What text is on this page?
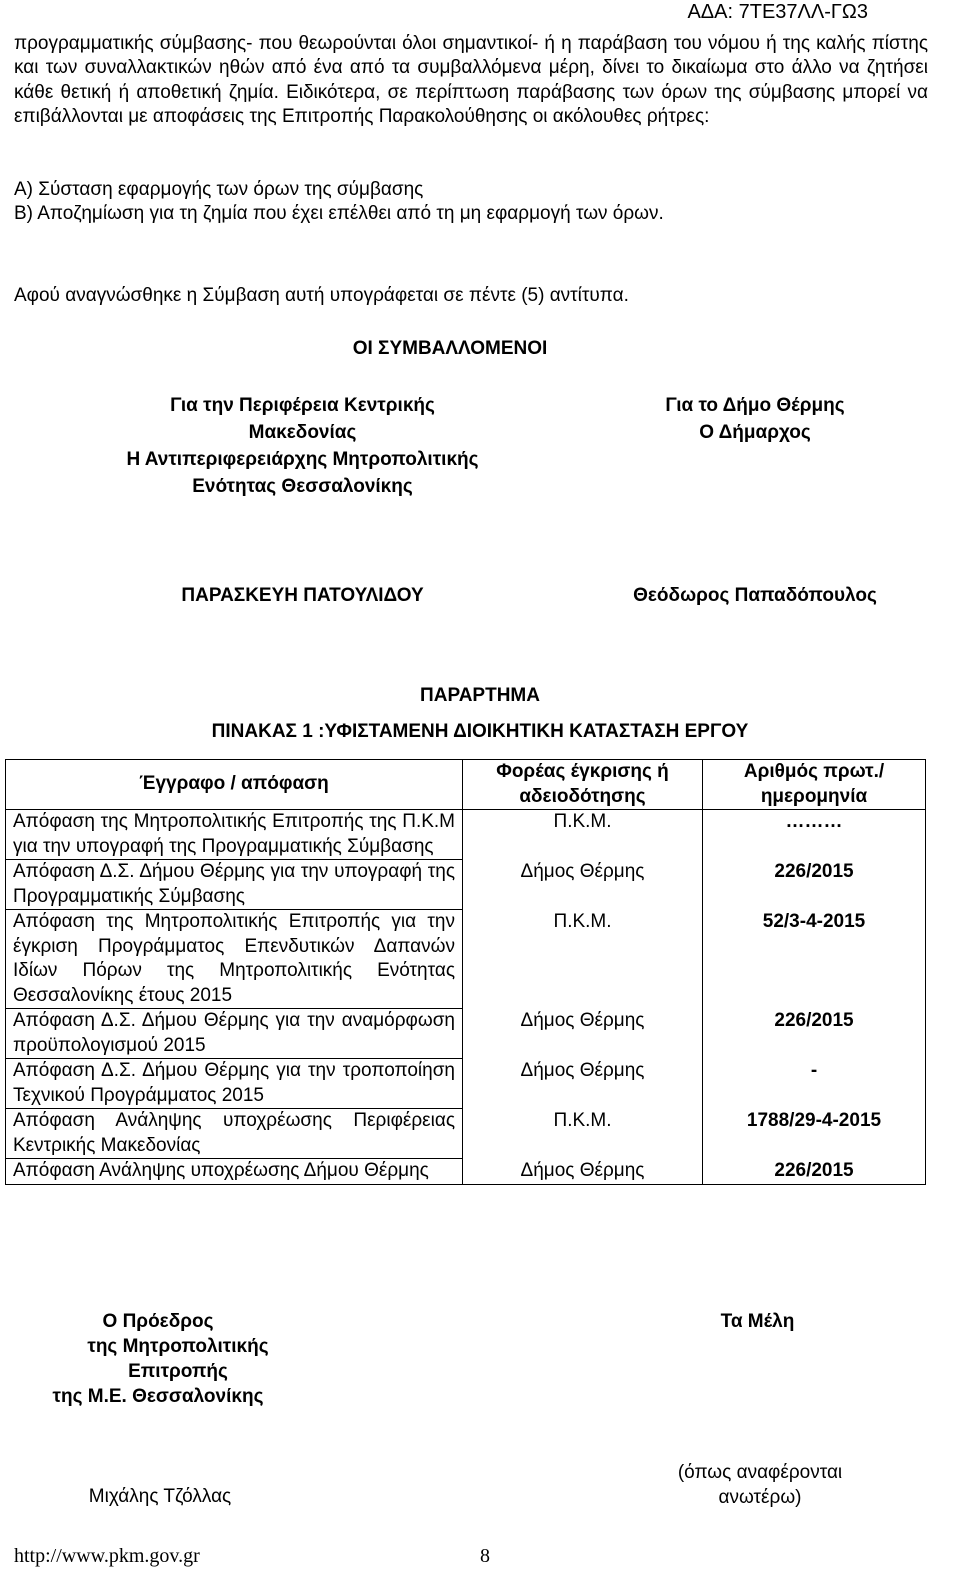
ΑΔΑ: 7ΤΕ37ΛΛ-ΓΩ3
προγραμματικής σύμβασης- που θεωρούνται όλοι σημαντικοί- ή η παράβαση του νόμου ή της καλής πίστης και των συναλλακτικών ηθών από ένα από τα συμβαλλόμενα μέρη, δίνει το δικαίωμα στο άλλο να ζητήσει κάθε θετική ή αποθετική ζημία. Ειδικότερα, σε περίπτωση παράβασης των όρων της σύμβασης μπορεί να επιβάλλονται με αποφάσεις της Επιτροπής Παρακολούθησης οι ακόλουθες ρήτρες:
Α) Σύσταση εφαρμογής των όρων της σύμβασης
Β) Αποζημίωση για τη ζημία που έχει επέλθει από τη μη εφαρμογή των όρων.
Αφού αναγνώσθηκε η Σύμβαση αυτή υπογράφεται σε πέντε (5) αντίτυπα.
ΟΙ ΣΥΜΒΑΛΛΟΜΕΝΟΙ
Για την Περιφέρεια Κεντρικής
Μακεδονίας
Η Αντιπεριφερειάρχης Μητροπολιτικής
Ενότητας Θεσσαλονίκης
Για το Δήμο Θέρμης
Ο Δήμαρχος
ΠΑΡΑΣΚΕΥΗ ΠΑΤΟΥΛΙΔΟΥ	Θεόδωρος Παπαδόπουλος
ΠΑΡΑΡΤΗΜΑ
ΠΙΝΑΚΑΣ 1 :ΥΦΙΣΤΑΜΕΝΗ ΔΙΟΙΚΗΤΙΚΗ ΚΑΤΑΣΤΑΣΗ ΕΡΓΟΥ
Έγγραφο / απόφαση	Φορέας έγκρισης ή αδειοδότησης	Αριθμός πρωτ./ ημερομηνία
Απόφαση της Μητροπολιτικής Επιτροπής της Π.Κ.Μ για την υπογραφή της Προγραμματικής Σύμβασης	Π.Κ.Μ.	………
Απόφαση Δ.Σ. Δήμου Θέρμης για την υπογραφή της Προγραμματικής Σύμβασης	Δήμος Θέρμης	226/2015
Απόφαση της Μητροπολιτικής Επιτροπής για την έγκριση Προγράμματος Επενδυτικών Δαπανών Ιδίων Πόρων της Μητροπολιτικής Ενότητας Θεσσαλονίκης έτους 2015	Π.Κ.Μ.	52/3-4-2015
Απόφαση Δ.Σ. Δήμου Θέρμης για την αναμόρφωση προϋπολογισμού 2015	Δήμος Θέρμης	226/2015
Απόφαση Δ.Σ. Δήμου Θέρμης για την τροποποίηση Τεχνικού Προγράμματος 2015	Δήμος Θέρμης	-
Απόφαση Ανάληψης υποχρέωσης Περιφέρειας Κεντρικής Μακεδονίας	Π.Κ.Μ.	1788/29-4-2015
Απόφαση Ανάληψης υποχρέωσης Δήμου Θέρμης	Δήμος Θέρμης	226/2015
Ο Πρόεδρος
της Μητροπολιτικής Επιτροπής
της Μ.Ε. Θεσσαλονίκης
Τα Μέλη
Μιχάλης Τζόλλας
(όπως αναφέρονται
ανωτέρω)
http://www.pkm.gov.gr	8
